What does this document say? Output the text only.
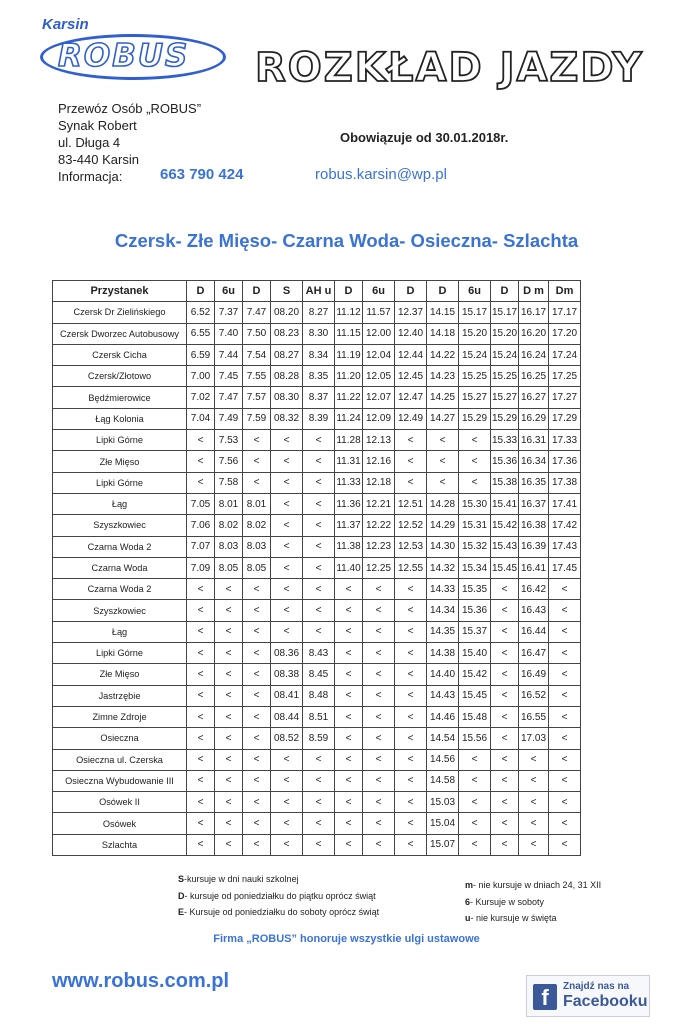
Karsin
ROBUS ROZKŁAD JAZDY
Przewóz Osób „ROBUS”
Synak Robert
ul. Długa 4
83-440 Karsin
Informacja:	663 790 424	robus.karsin@wp.pl
Obowiązuje od 30.01.2018r.
Czersk- Złe Mięso- Czarna Woda- Osieczna- Szlachta
Przystanek	D	6u	D	S	AH u	D	6u	D	D	6u	D	D m	Dm
Czersk Dr Zielińskiego	6.52	7.37	7.47	08.20	8.27	11.12	11.57	12.37	14.15	15.17	15.17	16.17	17.17
Czersk Dworzec Autobusowy	6.55	7.40	7.50	08.23	8.30	11.15	12.00	12.40	14.18	15.20	15.20	16.20	17.20
Czersk Cicha	6.59	7.44	7.54	08.27	8.34	11.19	12.04	12.44	14.22	15.24	15.24	16.24	17.24
Czersk/Złotowo	7.00	7.45	7.55	08.28	8.35	11.20	12.05	12.45	14.23	15.25	15.25	16.25	17.25
Będźmierowice	7.02	7.47	7.57	08.30	8.37	11.22	12.07	12.47	14.25	15.27	15.27	16.27	17.27
Łąg Kolonia	7.04	7.49	7.59	08.32	8.39	11.24	12.09	12.49	14.27	15.29	15.29	16.29	17.29
Lipki Górne	<	7.53	<	<	<	11.28	12.13	<	<	<	15.33	16.31	17.33
Złe Mięso	<	7.56	<	<	<	11.31	12.16	<	<	<	15.36	16.34	17.36
Lipki Górne	<	7.58	<	<	<	11.33	12.18	<	<	<	15.38	16.35	17.38
Łąg	7.05	8.01	8.01	<	<	11.36	12.21	12.51	14.28	15.30	15.41	16.37	17.41
Szyszkowiec	7.06	8.02	8.02	<	<	11.37	12.22	12.52	14.29	15.31	15.42	16.38	17.42
Czarna Woda 2	7.07	8.03	8.03	<	<	11.38	12.23	12.53	14.30	15.32	15.43	16.39	17.43
Czarna Woda	7.09	8.05	8.05	<	<	11.40	12.25	12.55	14.32	15.34	15.45	16.41	17.45
Czarna Woda 2	<	<	<	<	<	<	<	<	14.33	15.35	<	16.42	<
Szyszkowiec	<	<	<	<	<	<	<	<	14.34	15.36	<	16.43	<
Łąg	<	<	<	<	<	<	<	<	14.35	15.37	<	16.44	<
Lipki Górne	<	<	<	08.36	8.43	<	<	<	14.38	15.40	<	16.47	<
Złe Mięso	<	<	<	08.38	8.45	<	<	<	14.40	15.42	<	16.49	<
Jastrzębie	<	<	<	08.41	8.48	<	<	<	14.43	15.45	<	16.52	<
Zimne Zdroje	<	<	<	08.44	8.51	<	<	<	14.46	15.48	<	16.55	<
Osieczna	<	<	<	08.52	8.59	<	<	<	14.54	15.56	<	17.03	<
Osieczna ul. Czerska	<	<	<	<	<	<	<	<	14.56	<	<	<	<
Osieczna Wybudowanie III	<	<	<	<	<	<	<	<	14.58	<	<	<	<
Osówek II	<	<	<	<	<	<	<	<	15.03	<	<	<	<
Osówek	<	<	<	<	<	<	<	<	15.04	<	<	<	<
Szlachta	<	<	<	<	<	<	<	<	15.07	<	<	<	<
S-kursuje w dni nauki szkolnej
D- kursuje od poniedziałku do piątku oprócz świąt
E- Kursuje od poniedziałku do soboty oprócz świąt
m- nie kursuje w dniach 24, 31 XII
6- Kursuje w soboty
u- nie kursuje w święta
Firma „ROBUS” honoruje wszystkie ulgi ustawowe
www.robus.com.pl
f	Znajdź nas na
Facebooku
